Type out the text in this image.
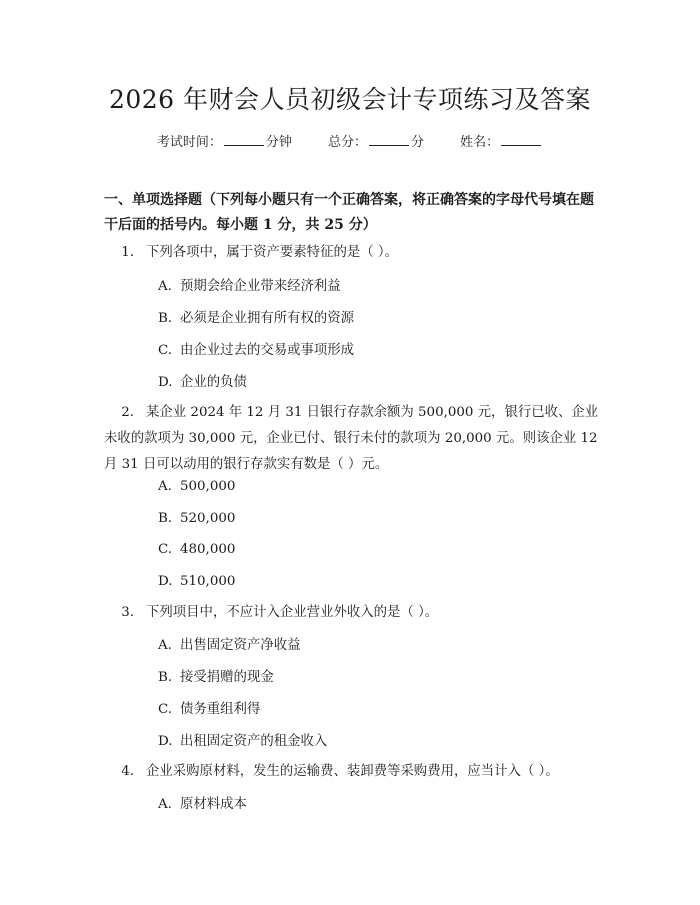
2026 年财会人员初级会计专项练习及答案
考试时间：	分钟	总分：	分	姓名：
一、单项选择题（下列每小题只有一个正确答案，将正确答案的字母代号填在题干后面的括号内。每小题 1 分，共 25 分）
1. 下列各项中，属于资产要素特征的是（ ）。
A. 预期会给企业带来经济利益
B. 必须是企业拥有所有权的资源
C. 由企业过去的交易或事项形成
D. 企业的负债
2. 某企业 2024 年 12 月 31 日银行存款余额为 500,000 元，银行已收、企业未收的款项为 30,000 元，企业已付、银行未付的款项为 20,000 元。则该企业 12 月 31 日可以动用的银行存款实有数是（ ）元。
A. 500,000
B. 520,000
C. 480,000
D. 510,000
3. 下列项目中，不应计入企业营业外收入的是（ ）。
A. 出售固定资产净收益
B. 接受捐赠的现金
C. 债务重组利得
D. 出租固定资产的租金收入
4. 企业采购原材料，发生的运输费、装卸费等采购费用，应当计入（ ）。
A. 原材料成本
